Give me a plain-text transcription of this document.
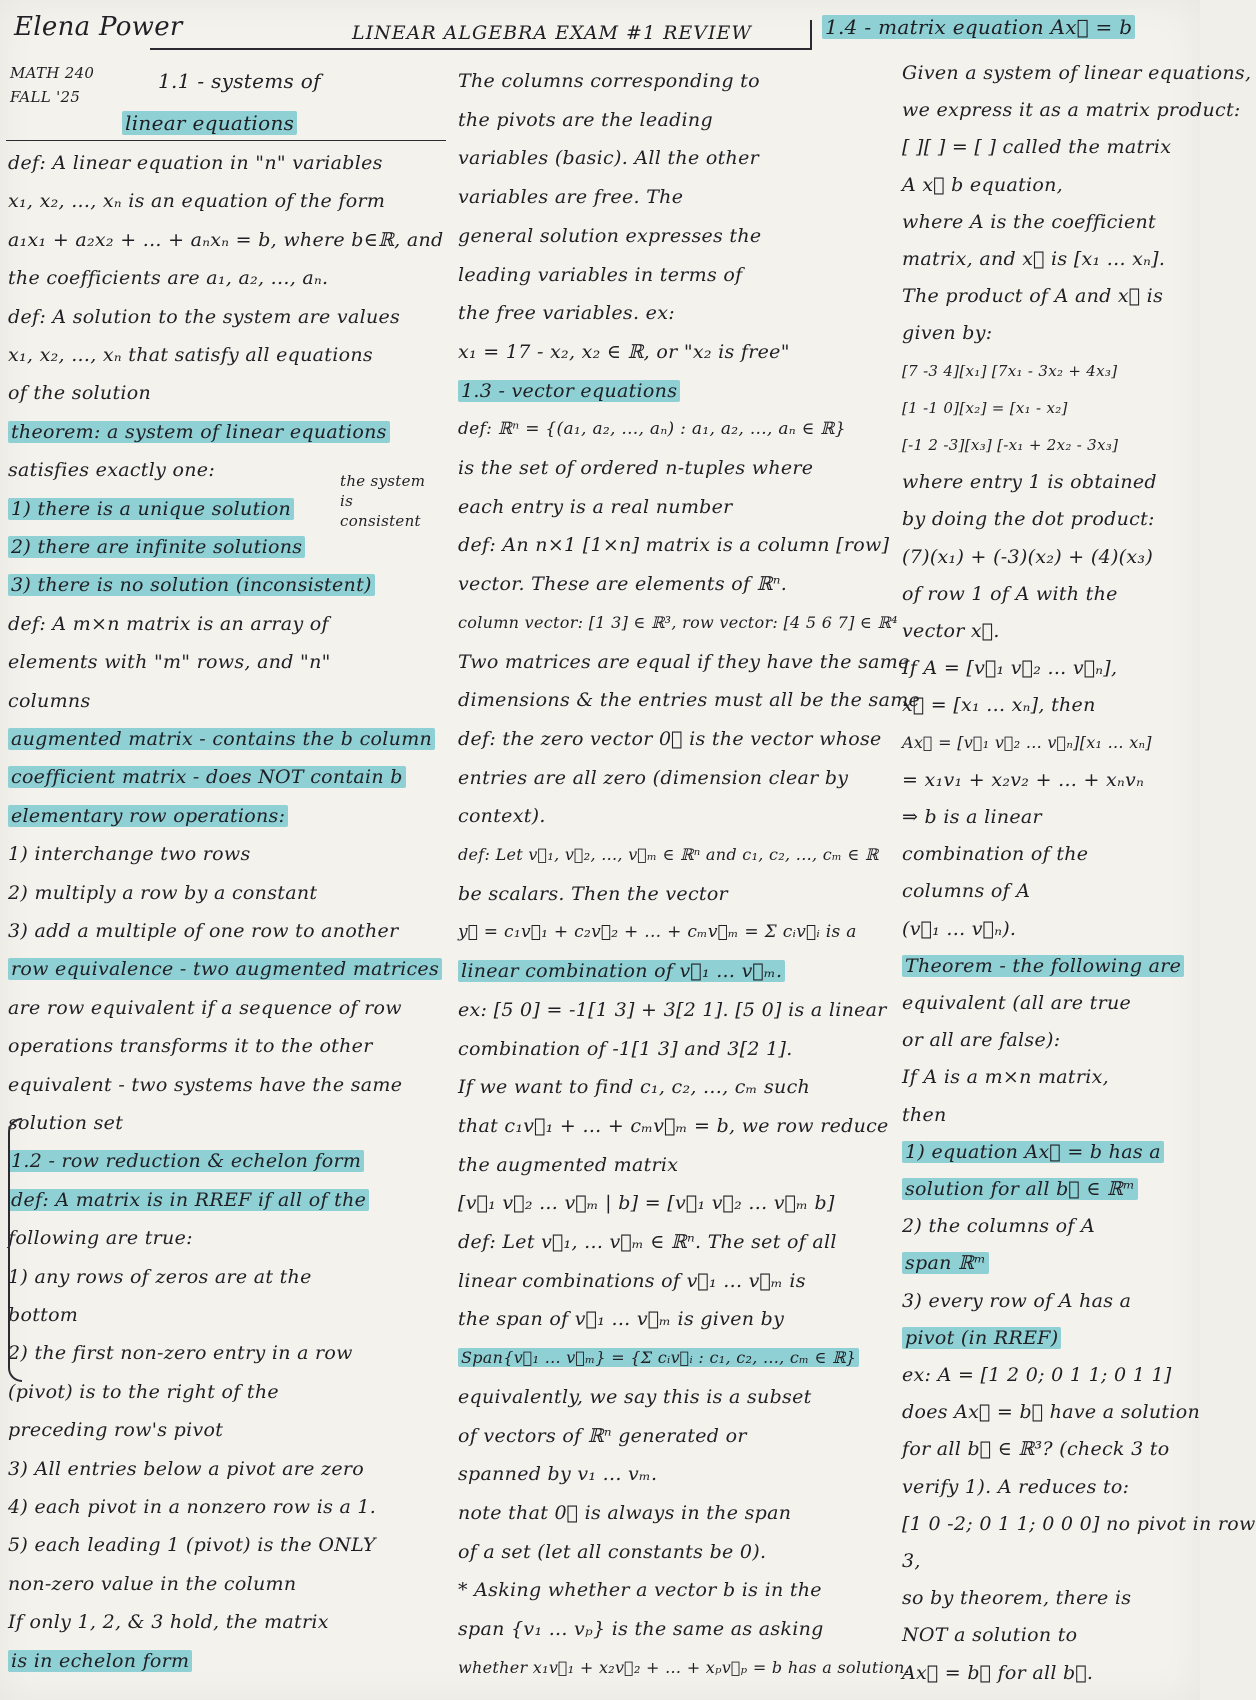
Elena Power
MATH 240
FALL '25
LINEAR ALGEBRA EXAM #1 REVIEW
1.1 - systems of
linear equations
def: A linear equation in "n" variables
x₁, x₂, ..., xₙ is an equation of the form
a₁x₁ + a₂x₂ + ... + aₙxₙ = b, where b∈ℝ, and
the coefficients are a₁, a₂, ..., aₙ.
def: A solution to the system are values
x₁, x₂, ..., xₙ that satisfy all equations
of the solution
theorem: a system of linear equations
satisfies exactly one:
1) there is a unique solution
2) there are infinite solutions
3) there is no solution (inconsistent)
def: A m×n matrix is an array of
elements with "m" rows, and "n"
columns
augmented matrix - contains the b column
coefficient matrix - does NOT contain b
elementary row operations:
1) interchange two rows
2) multiply a row by a constant
3) add a multiple of one row to another
row equivalence - two augmented matrices
are row equivalent if a sequence of row
operations transforms it to the other
equivalent - two systems have the same
solution set
1.2 - row reduction & echelon form
def: A matrix is in RREF if all of the
following are true:
1) any rows of zeros are at the
bottom
2) the first non-zero entry in a row
(pivot) is to the right of the
preceding row's pivot
3) All entries below a pivot are zero
4) each pivot in a nonzero row is a 1.
5) each leading 1 (pivot) is the ONLY
non-zero value in the column
If only 1, 2, & 3 hold, the matrix
is in echelon form
the system
is
consistent
The columns corresponding to
the pivots are the leading
variables (basic). All the other
variables are free. The
general solution expresses the
leading variables in terms of
the free variables. ex:
x₁ = 17 - x₂, x₂ ∈ ℝ, or "x₂ is free"
1.3 - vector equations
def: ℝⁿ = {(a₁, a₂, ..., aₙ) : a₁, a₂, ..., aₙ ∈ ℝ}
is the set of ordered n-tuples where
each entry is a real number
def: An n×1 [1×n] matrix is a column [row]
vector. These are elements of ℝⁿ.
column vector: [1 3] ∈ ℝ³, row vector: [4 5 6 7] ∈ ℝ⁴
Two matrices are equal if they have the same
dimensions & the entries must all be the same
def: the zero vector 0⃗ is the vector whose
entries are all zero (dimension clear by
context).
def: Let v⃗₁, v⃗₂, ..., v⃗ₘ ∈ ℝⁿ and c₁, c₂, ..., cₘ ∈ ℝ
be scalars. Then the vector
y⃗ = c₁v⃗₁ + c₂v⃗₂ + ... + cₘv⃗ₘ = Σ cᵢv⃗ᵢ is a
linear combination of v⃗₁ ... v⃗ₘ.
ex: [5 0] = -1[1 3] + 3[2 1]. [5 0] is a linear
combination of -1[1 3] and 3[2 1].
If we want to find c₁, c₂, ..., cₘ such
that c₁v⃗₁ + ... + cₘv⃗ₘ = b, we row reduce
the augmented matrix
[v⃗₁ v⃗₂ ... v⃗ₘ | b] = [v⃗₁ v⃗₂ ... v⃗ₘ b]
def: Let v⃗₁, ... v⃗ₘ ∈ ℝⁿ. The set of all
linear combinations of v⃗₁ ... v⃗ₘ is
the span of v⃗₁ ... v⃗ₘ is given by
Span{v⃗₁ ... v⃗ₘ} = {Σ cᵢv⃗ᵢ : c₁, c₂, ..., cₘ ∈ ℝ}
equivalently, we say this is a subset
of vectors of ℝⁿ generated or
spanned by v₁ ... vₘ.
note that 0⃗ is always in the span
of a set (let all constants be 0).
* Asking whether a vector b is in the
span {v₁ ... vₚ} is the same as asking
whether x₁v⃗₁ + x₂v⃗₂ + ... + xₚv⃗ₚ = b has a solution.
1.4 - matrix equation Ax⃗ = b
Given a system of linear equations,
we express it as a matrix product:
[ ][ ] = [ ] called the matrix
A x⃗ b equation,
where A is the coefficient
matrix, and x⃗ is [x₁ ... xₙ].
The product of A and x⃗ is
given by:
[7 -3 4][x₁] [7x₁ - 3x₂ + 4x₃]
[1 -1 0][x₂] = [x₁ - x₂]
[-1 2 -3][x₃] [-x₁ + 2x₂ - 3x₃]
where entry 1 is obtained
by doing the dot product:
(7)(x₁) + (-3)(x₂) + (4)(x₃)
of row 1 of A with the
vector x⃗.
If A = [v⃗₁ v⃗₂ ... v⃗ₙ],
x⃗ = [x₁ ... xₙ], then
Ax⃗ = [v⃗₁ v⃗₂ ... v⃗ₙ][x₁ ... xₙ]
= x₁v₁ + x₂v₂ + ... + xₙvₙ
⇒ b is a linear
combination of the
columns of A
(v⃗₁ ... v⃗ₙ).
Theorem - the following are
equivalent (all are true
or all are false):
If A is a m×n matrix,
then
1) equation Ax⃗ = b has a
solution for all b⃗ ∈ ℝᵐ
2) the columns of A
span ℝᵐ
3) every row of A has a
pivot (in RREF)
ex: A = [1 2 0; 0 1 1; 0 1 1]
does Ax⃗ = b⃗ have a solution
for all b⃗ ∈ ℝ³? (check 3 to
verify 1). A reduces to:
[1 0 -2; 0 1 1; 0 0 0] no pivot in row
3,
so by theorem, there is
NOT a solution to
Ax⃗ = b⃗ for all b⃗.
